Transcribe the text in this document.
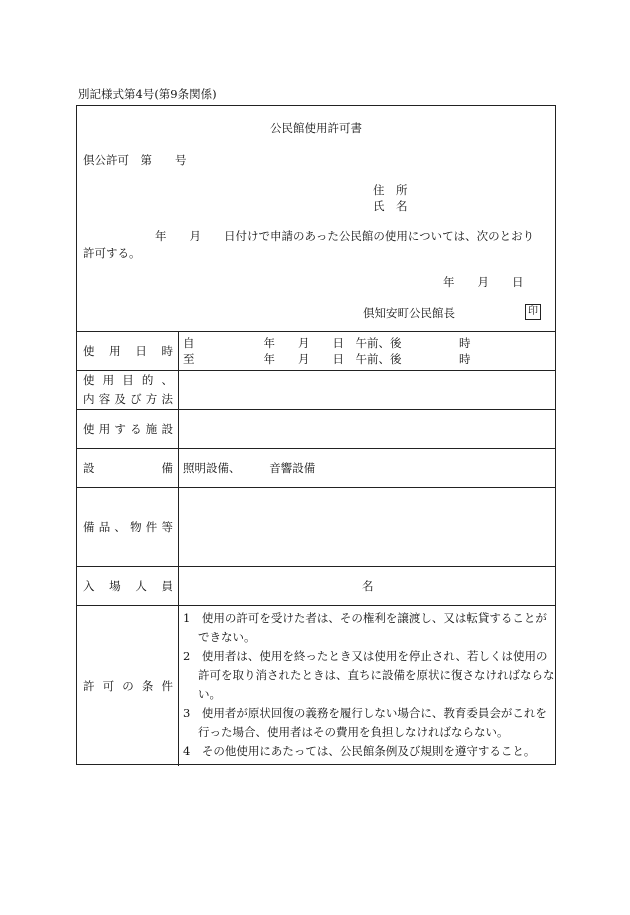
別記様式第4号(第9条関係)
公民館使用許可書
倶公許可　第　　号
住　所
氏　名
年　　月　　日付けで申請のあった公民館の使用については、次のとおり
許可する。
年　　月　　日
倶知安町公民館長	印
使用日時
自　　　　　　年　　月　　日　午前、後　　　　　時
至　　　　　　年　　月　　日　午前、後　　　　　時
使用目的、
内容及び方法
使用する施設
設備 照明設備、　　　音響設備
備品、物件等
入場人員	名
許可の条件
1　使用の許可を受けた者は、その権利を譲渡し、又は転貸することができない。
2　使用者は、使用を終ったとき又は使用を停止され、若しくは使用の許可を取り消されたときは、直ちに設備を原状に復さなければならない。
3　使用者が原状回復の義務を履行しない場合に、教育委員会がこれを行った場合、使用者はその費用を負担しなければならない。
4　その他使用にあたっては、公民館条例及び規則を遵守すること。
